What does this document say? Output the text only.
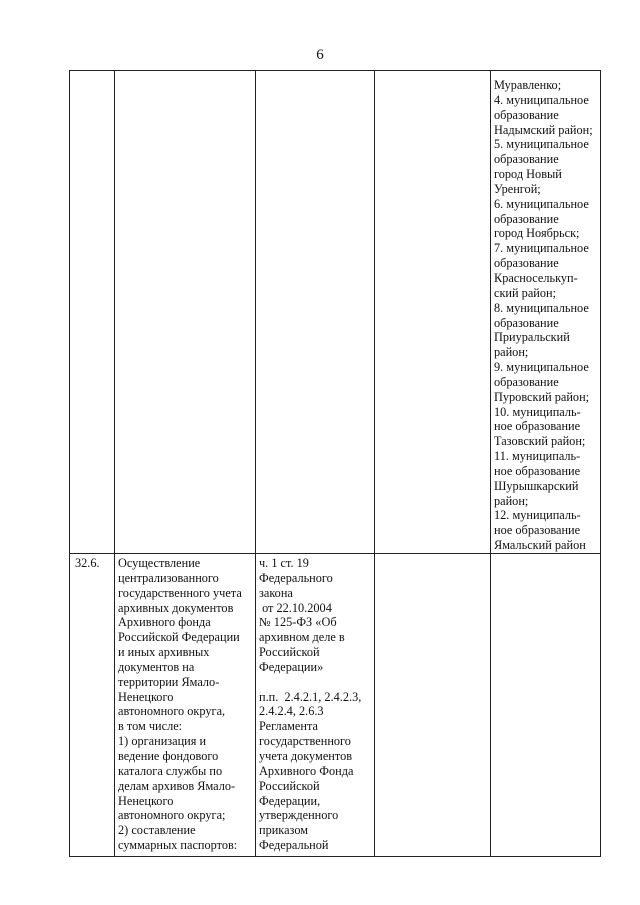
6
Муравленко;
4. муниципальное
образование
Надымский район;
5. муниципальное
образование
город Новый
Уренгой;
6. муниципальное
образование
город Ноябрьск;
7. муниципальное
образование
Красноселькуп-
ский район;
8. муниципальное
образование
Приуральский
район;
9. муниципальное
образование
Пуровский район;
10. муниципаль-
ное образование
Тазовский район;
11. муниципаль-
ное образование
Шурышкарский
район;
12. муниципаль-
ное образование
Ямальский район
32.6. Осуществление
централизованного
государственного учета
архивных документов
Архивного фонда
Российской Федерации
и иных архивных
документов на
территории Ямало-
Ненецкого
автономного округа,
в том числе:
1) организация и
ведение фондового
каталога службы по
делам архивов Ямало-
Ненецкого
автономного округа;
2) составление
суммарных паспортов:
ч. 1 ст. 19
Федерального
закона
от 22.10.2004
№ 125-ФЗ «Об
архивном деле в
Российской
Федерации»
п.п.  2.4.2.1, 2.4.2.3,
2.4.2.4, 2.6.3
Регламента
государственного
учета документов
Архивного Фонда
Российской
Федерации,
утвержденного
приказом
Федеральной
